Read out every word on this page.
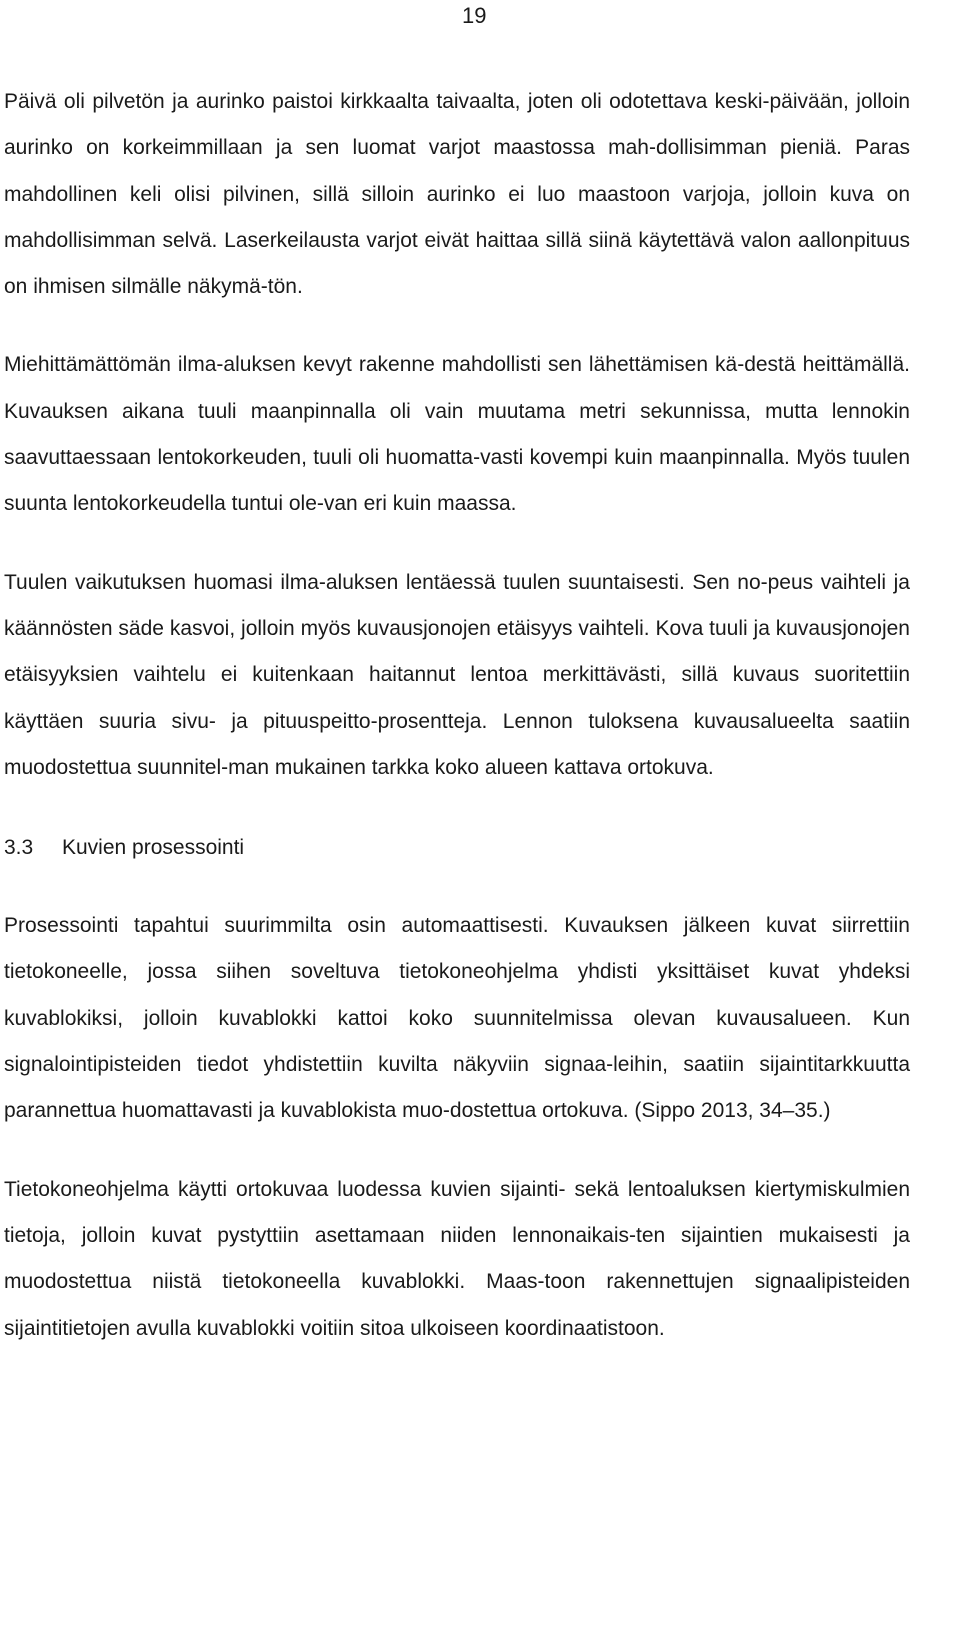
19

Päivä oli pilvetön ja aurinko paistoi kirkkaalta taivaalta, joten oli odotettava keski-päivään, jolloin aurinko on korkeimmillaan ja sen luomat varjot maastossa mah-dollisimman pieniä. Paras mahdollinen keli olisi pilvinen, sillä silloin aurinko ei luo maastoon varjoja, jolloin kuva on mahdollisimman selvä. Laserkeilausta varjot eivät haittaa sillä siinä käytettävä valon aallonpituus on ihmisen silmälle näkymä-tön.

Miehittämättömän ilma-aluksen kevyt rakenne mahdollisti sen lähettämisen kä-destä heittämällä. Kuvauksen aikana tuuli maanpinnalla oli vain muutama metri sekunnissa, mutta lennokin saavuttaessaan lentokorkeuden, tuuli oli huomatta-vasti kovempi kuin maanpinnalla. Myös tuulen suunta lentokorkeudella tuntui ole-van eri kuin maassa.

Tuulen vaikutuksen huomasi ilma-aluksen lentäessä tuulen suuntaisesti. Sen no-peus vaihteli ja käännösten säde kasvoi, jolloin myös kuvausjonojen etäisyys vaihteli. Kova tuuli ja kuvausjonojen etäisyyksien vaihtelu ei kuitenkaan haitannut lentoa merkittävästi, sillä kuvaus suoritettiin käyttäen suuria sivu- ja pituuspeitto-prosentteja. Lennon tuloksena kuvausalueelta saatiin muodostettua suunnitel-man mukainen tarkka koko alueen kattava ortokuva.

3.3	Kuvien prosessointi

Prosessointi tapahtui suurimmilta osin automaattisesti. Kuvauksen jälkeen kuvat siirrettiin tietokoneelle, jossa siihen soveltuva tietokoneohjelma yhdisti yksittäiset kuvat yhdeksi kuvablokiksi, jolloin kuvablokki kattoi koko suunnitelmissa olevan kuvausalueen. Kun signalointipisteiden tiedot yhdistettiin kuvilta näkyviin signaa-leihin, saatiin sijaintitarkkuutta parannettua huomattavasti ja kuvablokista muo-dostettua ortokuva. (Sippo 2013, 34–35.)

Tietokoneohjelma käytti ortokuvaa luodessa kuvien sijainti- sekä lentoaluksen kiertymiskulmien tietoja, jolloin kuvat pystyttiin asettamaan niiden lennonaikais-ten sijaintien mukaisesti ja muodostettua niistä tietokoneella kuvablokki. Maas-toon rakennettujen signaalipisteiden sijaintitietojen avulla kuvablokki voitiin sitoa ulkoiseen koordinaatistoon.
